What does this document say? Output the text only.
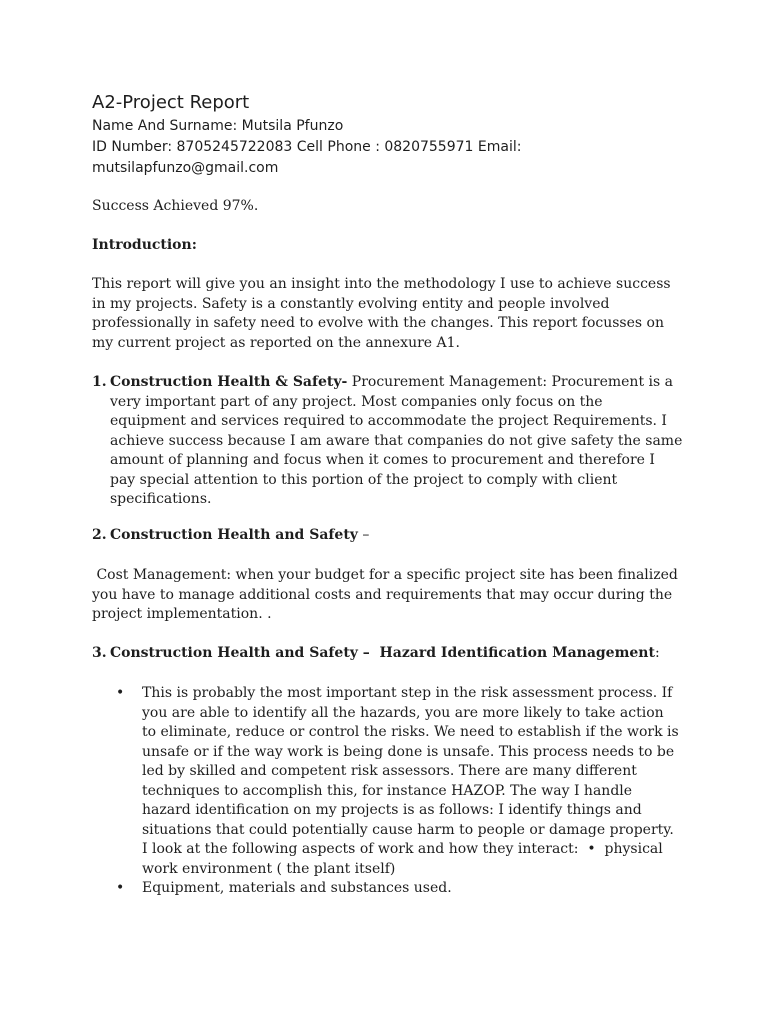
A2-Project Report
Name And Surname: Mutsila Pfunzo
ID Number: 8705245722083 Cell Phone : 0820755971 Email:
mutsilapfunzo@gmail.com
Success Achieved 97%.
Introduction:
This report will give you an insight into the methodology I use to achieve success
in my projects. Safety is a constantly evolving entity and people involved
professionally in safety need to evolve with the changes. This report focusses on
my current project as reported on the annexure A1.
1. Construction Health & Safety- Procurement Management: Procurement is a
very important part of any project. Most companies only focus on the
equipment and services required to accommodate the project Requirements. I
achieve success because I am aware that companies do not give safety the same
amount of planning and focus when it comes to procurement and therefore I
pay special attention to this portion of the project to comply with client
specifications.
2. Construction Health and Safety –
Cost Management: when your budget for a specific project site has been finalized
you have to manage additional costs and requirements that may occur during the
project implementation. .
3. Construction Health and Safety –  Hazard Identification Management:
• This is probably the most important step in the risk assessment process. If
you are able to identify all the hazards, you are more likely to take action
to eliminate, reduce or control the risks. We need to establish if the work is
unsafe or if the way work is being done is unsafe. This process needs to be
led by skilled and competent risk assessors. There are many different
techniques to accomplish this, for instance HAZOP. The way I handle
hazard identification on my projects is as follows: I identify things and
situations that could potentially cause harm to people or damage property.
I look at the following aspects of work and how they interact:  •  physical
work environment ( the plant itself)
• Equipment, materials and substances used.
